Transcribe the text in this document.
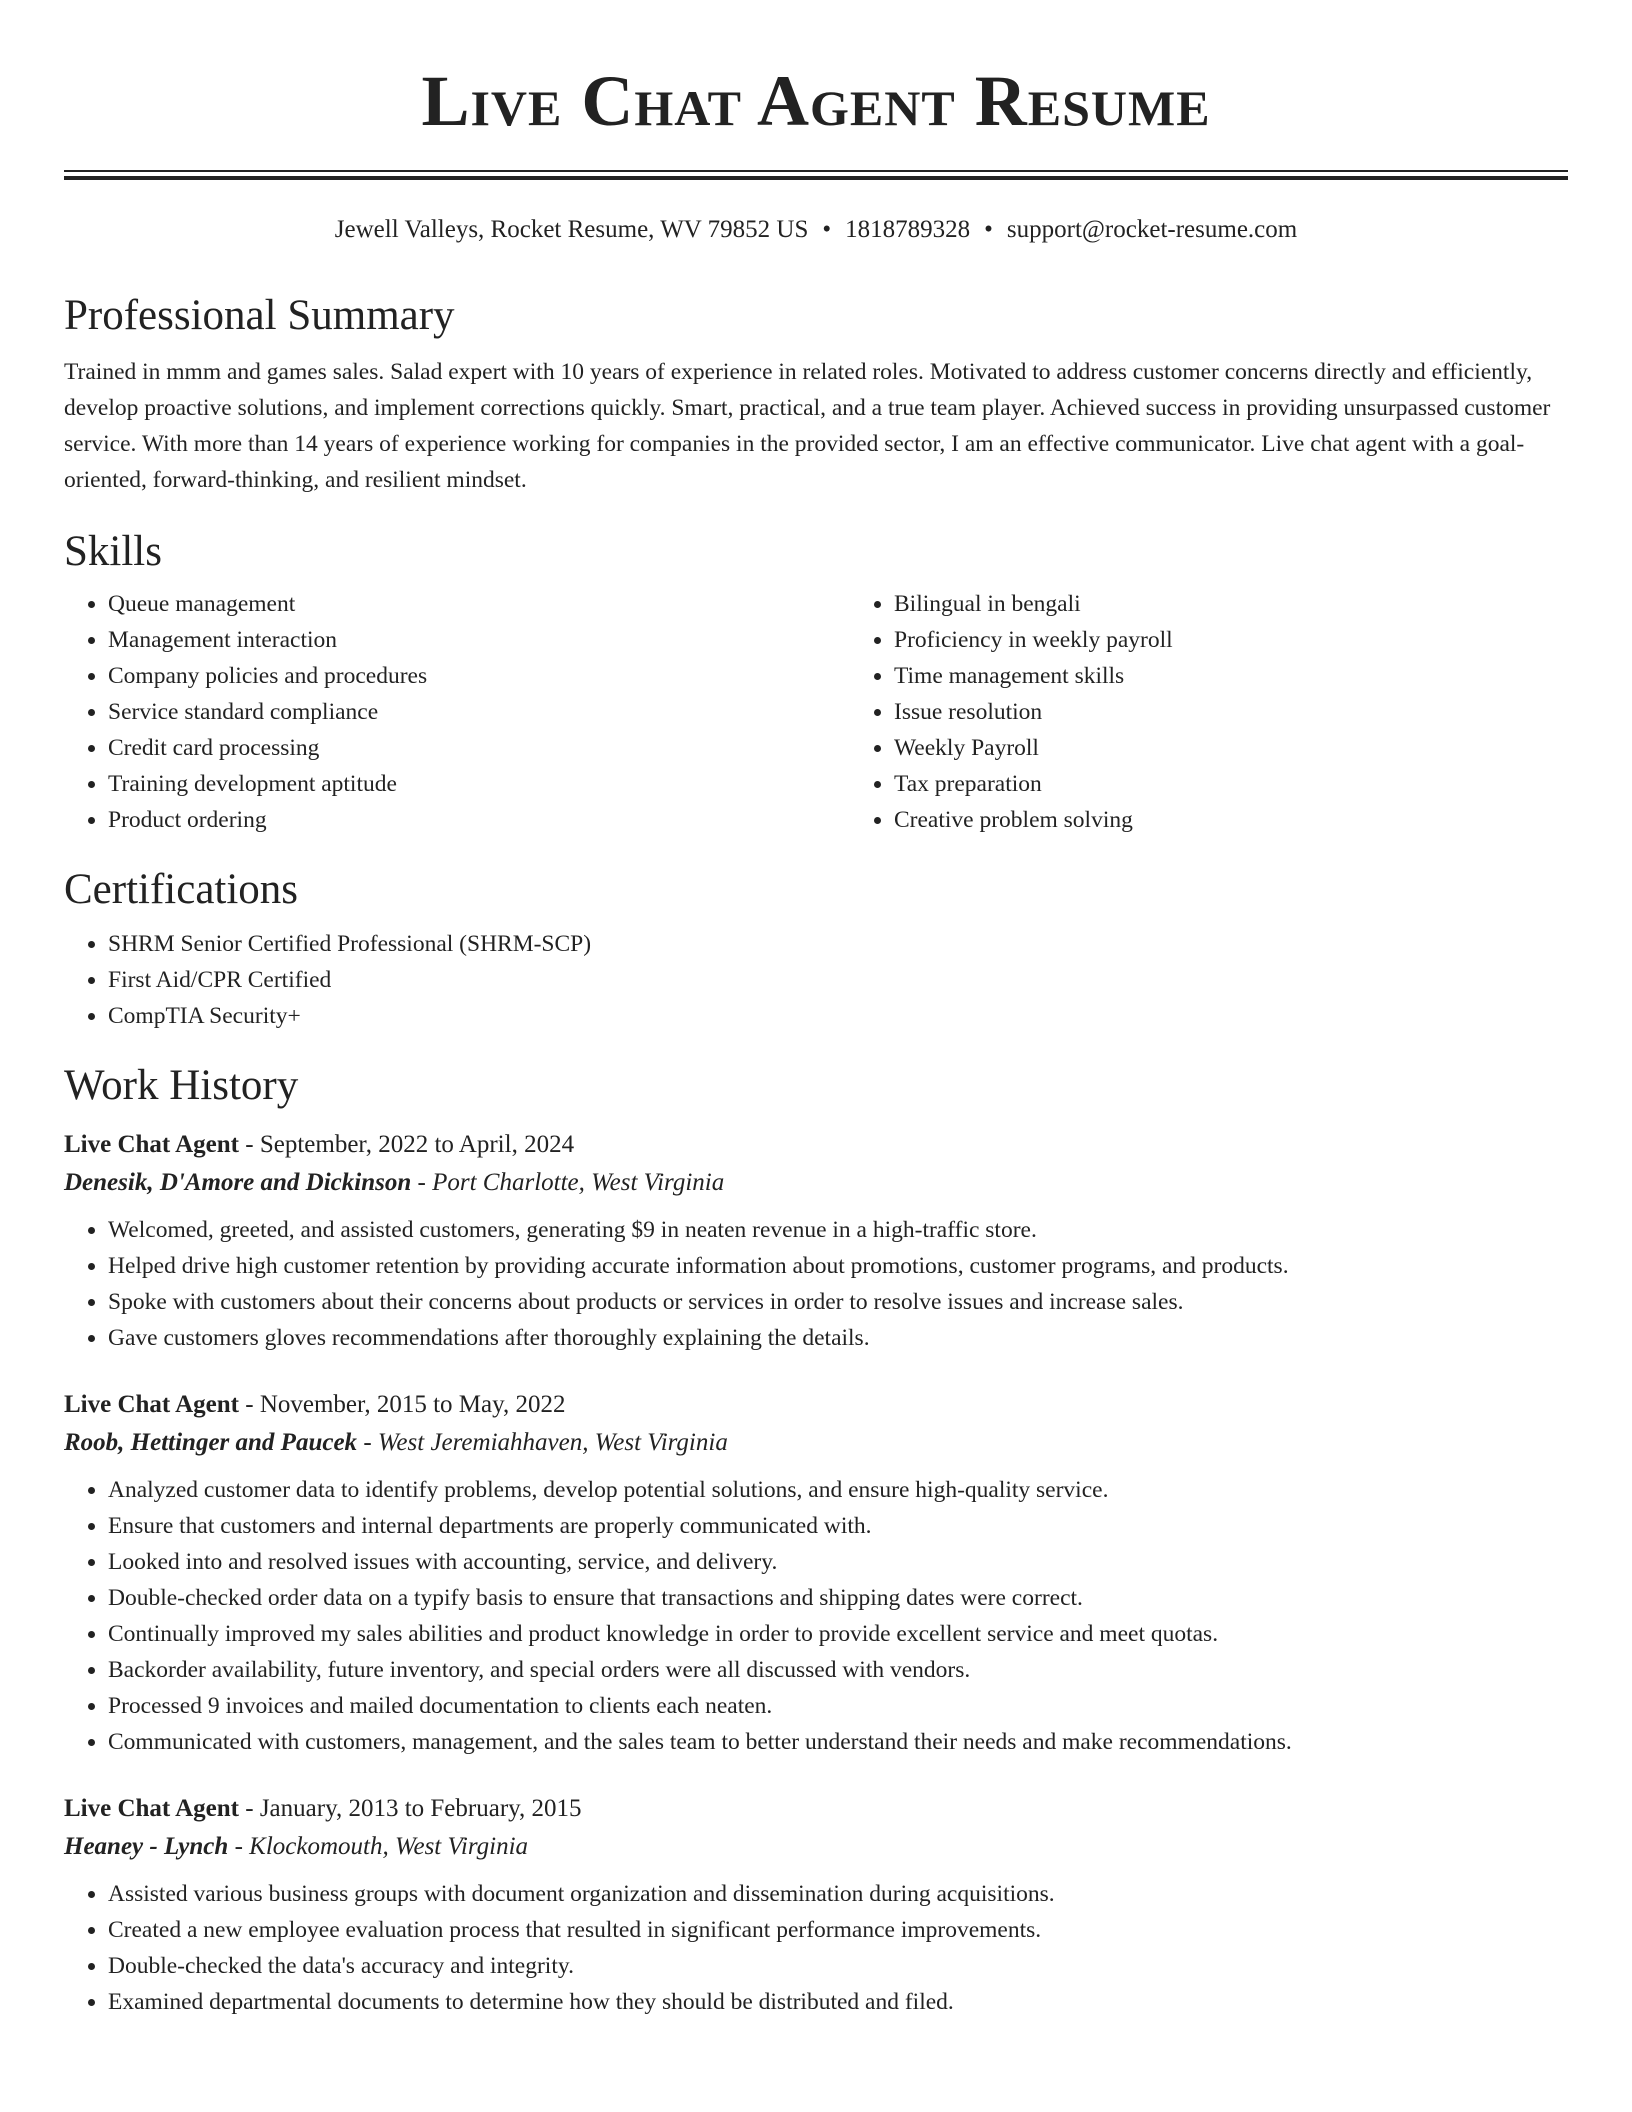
Live Chat Agent Resume
Jewell Valleys, Rocket Resume, WV 79852 US • 1818789328 • support@rocket-resume.com
Professional Summary

Trained in mmm and games sales. Salad expert with 10 years of experience in related roles. Motivated to address customer concerns directly and efficiently, develop proactive solutions, and implement corrections quickly. Smart, practical, and a true team player. Achieved success in providing unsurpassed customer service. With more than 14 years of experience working for companies in the provided sector, I am an effective communicator. Live chat agent with a goal-oriented, forward-thinking, and resilient mindset.

Skills
• Queue management
• Management interaction
• Company policies and procedures
• Service standard compliance
• Credit card processing
• Training development aptitude
• Product ordering
• Bilingual in bengali
• Proficiency in weekly payroll
• Time management skills
• Issue resolution
• Weekly Payroll
• Tax preparation
• Creative problem solving
Certifications
• SHRM Senior Certified Professional (SHRM-SCP)
• First Aid/CPR Certified
• CompTIA Security+
Work History
Live Chat Agent - September, 2022 to April, 2024
Denesik, D'Amore and Dickinson - Port Charlotte, West Virginia
• Welcomed, greeted, and assisted customers, generating $9 in neaten revenue in a high-traffic store.
• Helped drive high customer retention by providing accurate information about promotions, customer programs, and products.
• Spoke with customers about their concerns about products or services in order to resolve issues and increase sales.
• Gave customers gloves recommendations after thoroughly explaining the details.
Live Chat Agent - November, 2015 to May, 2022
Roob, Hettinger and Paucek - West Jeremiahhaven, West Virginia
• Analyzed customer data to identify problems, develop potential solutions, and ensure high-quality service.
• Ensure that customers and internal departments are properly communicated with.
• Looked into and resolved issues with accounting, service, and delivery.
• Double-checked order data on a typify basis to ensure that transactions and shipping dates were correct.
• Continually improved my sales abilities and product knowledge in order to provide excellent service and meet quotas.
• Backorder availability, future inventory, and special orders were all discussed with vendors.
• Processed 9 invoices and mailed documentation to clients each neaten.
• Communicated with customers, management, and the sales team to better understand their needs and make recommendations.
Live Chat Agent - January, 2013 to February, 2015
Heaney - Lynch - Klockomouth, West Virginia
• Assisted various business groups with document organization and dissemination during acquisitions.
• Created a new employee evaluation process that resulted in significant performance improvements.
• Double-checked the data's accuracy and integrity.
• Examined departmental documents to determine how they should be distributed and filed.
